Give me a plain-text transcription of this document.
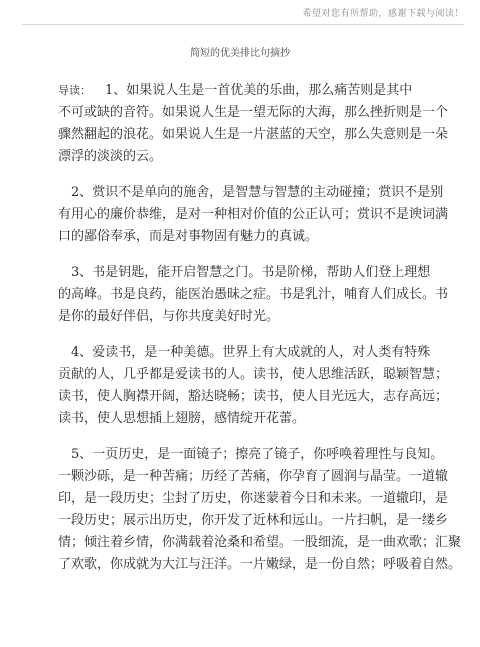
希望对您有所帮助，感谢下载与阅读！
简短的优美排比句摘抄
导读： 1、如果说人生是一首优美的乐曲，那么痛苦则是其中
不可或缺的音符。如果说人生是一望无际的大海，那么挫折则是一个
骤然翻起的浪花。如果说人生是一片湛蓝的天空，那么失意则是一朵
漂浮的淡淡的云。
　2、赏识不是单向的施舍，是智慧与智慧的主动碰撞；赏识不是别
有用心的廉价恭维，是对一种相对价值的公正认可；赏识不是谀词满
口的鄙俗奉承，而是对事物固有魅力的真诚。
　3、书是钥匙，能开启智慧之门。书是阶梯，帮助人们登上理想
的高峰。书是良药，能医治愚昧之症。书是乳汁，哺育人们成长。书
是你的最好伴侣，与你共度美好时光。
　4、爱读书，是一种美德。世界上有大成就的人，对人类有特殊
贡献的人，几乎都是爱读书的人。读书，使人思维活跃，聪颖智慧；
读书，使人胸襟开阔，豁达晓畅；读书，使人目光远大，志存高远；
读书，使人思想插上翅膀，感情绽开花蕾。
　5、一页历史，是一面镜子；擦亮了镜子，你呼唤着理性与良知。
一颗沙砾，是一种苦痛；历经了苦痛，你孕育了圆润与晶莹。一道辙
印，是一段历史；尘封了历史，你迷蒙着今日和未来。一道辙印，是
一段历史；展示出历史，你开发了近林和远山。一片扫帆，是一缕乡
情；倾注着乡情，你满载着沧桑和希望。一股细流，是一曲欢歌；汇聚
了欢歌，你成就为大江与汪洋。一片嫩绿，是一份自然；呼吸着自然。
